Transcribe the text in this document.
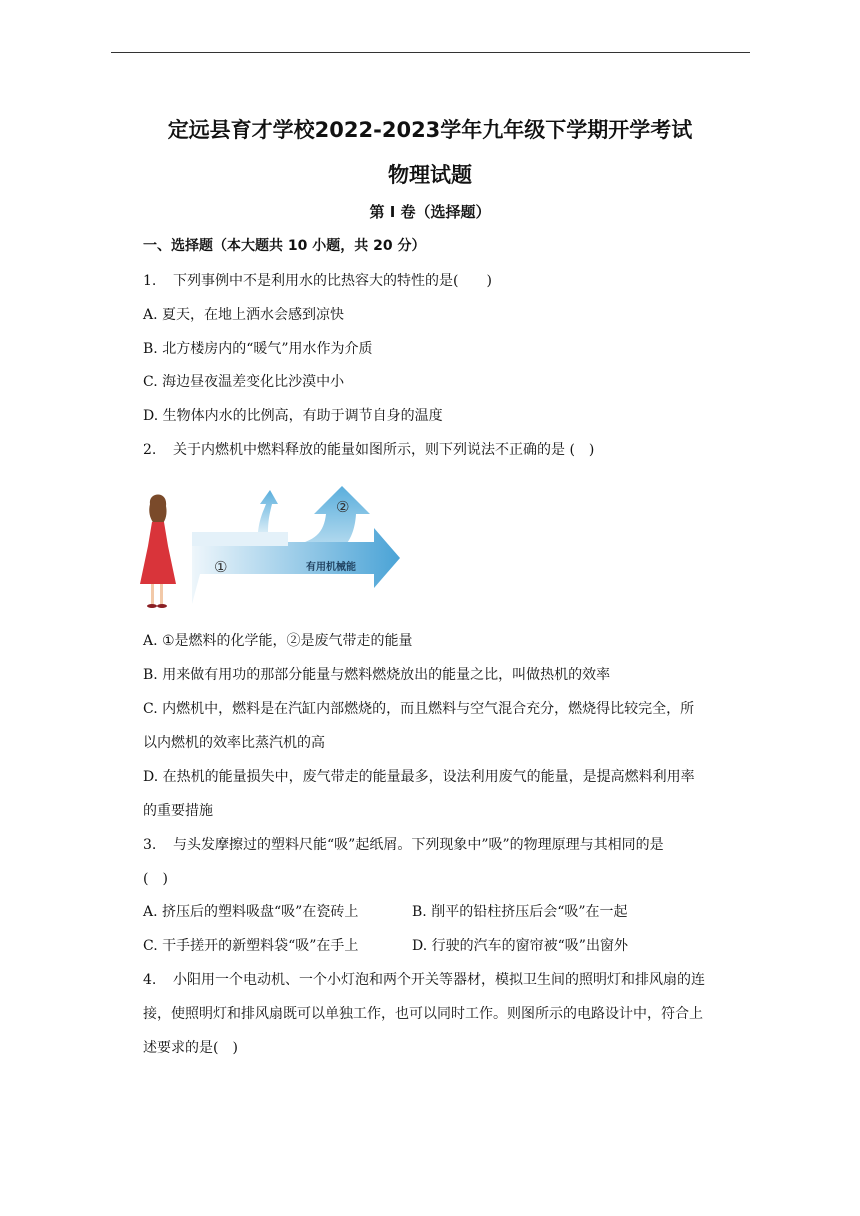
定远县育才学校2022-2023学年九年级下学期开学考试
物理试题
第 I 卷（选择题）
一、选择题（本大题共 10 小题，共 20 分）
1. 下列事例中不是利用水的比热容大的特性的是(　　)
A. 夏天，在地上洒水会感到凉快
B. 北方楼房内的“暖气”用水作为介质
C. 海边昼夜温差变化比沙漠中小
D. 生物体内水的比例高，有助于调节自身的温度
2. 关于内燃机中燃料释放的能量如图所示，则下列说法不正确的是 (　)
①
②
有用机械能
A. ①是燃料的化学能，②是废气带走的能量
B. 用来做有用功的那部分能量与燃料燃烧放出的能量之比，叫做热机的效率
C. 内燃机中，燃料是在汽缸内部燃烧的，而且燃料与空气混合充分，燃烧得比较完全，所
以内燃机的效率比蒸汽机的高
D. 在热机的能量损失中，废气带走的能量最多，设法利用废气的能量，是提高燃料利用率
的重要措施
3. 与头发摩擦过的塑料尺能“吸”起纸屑。下列现象中”吸”的物理原理与其相同的是
(　)
A. 挤压后的塑料吸盘“吸”在瓷砖上	B. 削平的铅柱挤压后会“吸”在一起
C. 干手搓开的新塑料袋“吸”在手上	D. 行驶的汽车的窗帘被“吸”出窗外
4. 小阳用一个电动机、一个小灯泡和两个开关等器材，模拟卫生间的照明灯和排风扇的连
接，使照明灯和排风扇既可以单独工作，也可以同时工作。则图所示的电路设计中，符合上
述要求的是(　)
